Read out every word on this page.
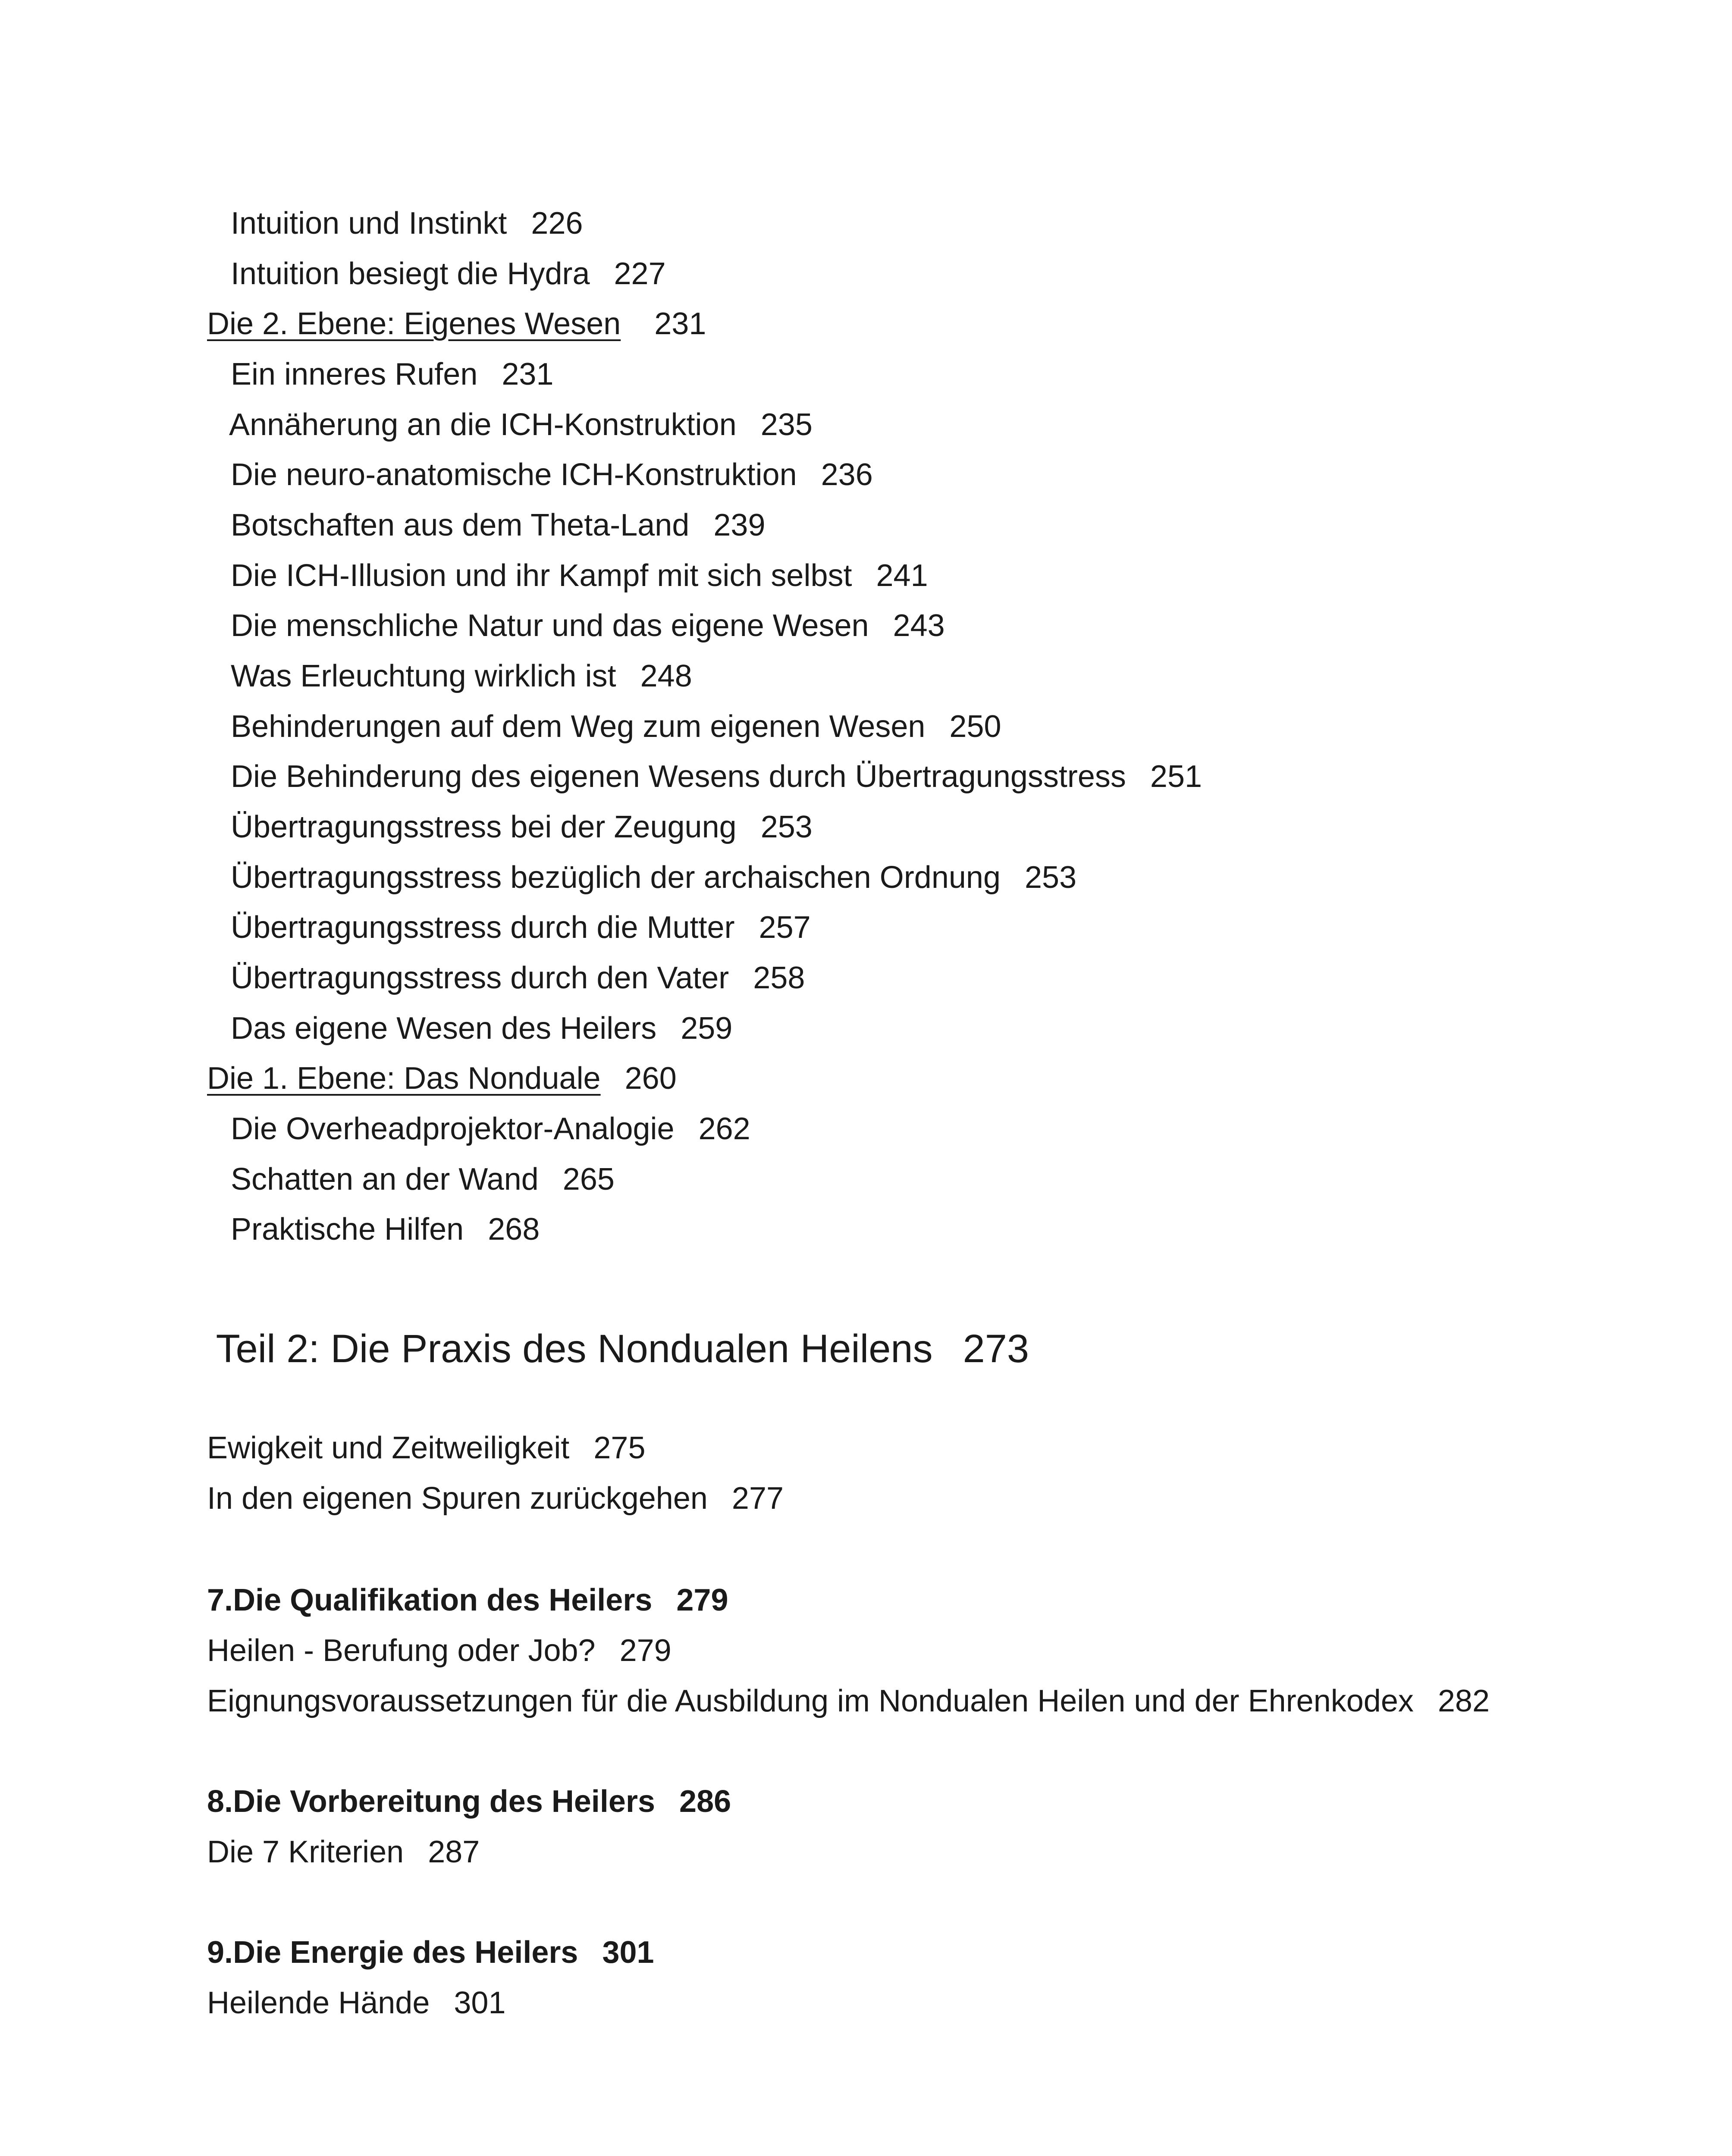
Intuition und Instinkt 226

Intuition besiegt die Hydra 227

Die 2. Ebene: Eigenes Wesen 231

Ein inneres Rufen 231

Annäherung an die ICH-Konstruktion 235

Die neuro-anatomische ICH-Konstruktion 236

Botschaften aus dem Theta-Land 239

Die ICH-Illusion und ihr Kampf mit sich selbst 241

Die menschliche Natur und das eigene Wesen 243

Was Erleuchtung wirklich ist 248

Behinderungen auf dem Weg zum eigenen Wesen 250

Die Behinderung des eigenen Wesens durch Übertragungsstress 251

Übertragungsstress bei der Zeugung 253

Übertragungsstress bezüglich der archaischen Ordnung 253

Übertragungsstress durch die Mutter 257

Übertragungsstress durch den Vater 258

Das eigene Wesen des Heilers 259

Die 1. Ebene: Das Nonduale 260

Die Overheadprojektor-Analogie 262

Schatten an der Wand 265

Praktische Hilfen 268

Teil 2: Die Praxis des Nondualen Heilens 273

Ewigkeit und Zeitweiligkeit 275

In den eigenen Spuren zurückgehen 277

7.Die Qualifikation des Heilers 279

Heilen - Berufung oder Job? 279

Eignungsvoraussetzungen für die Ausbildung im Nondualen Heilen und der Ehrenkodex 282

8.Die Vorbereitung des Heilers 286

Die 7 Kriterien 287

9.Die Energie des Heilers 301

Heilende Hände 301
